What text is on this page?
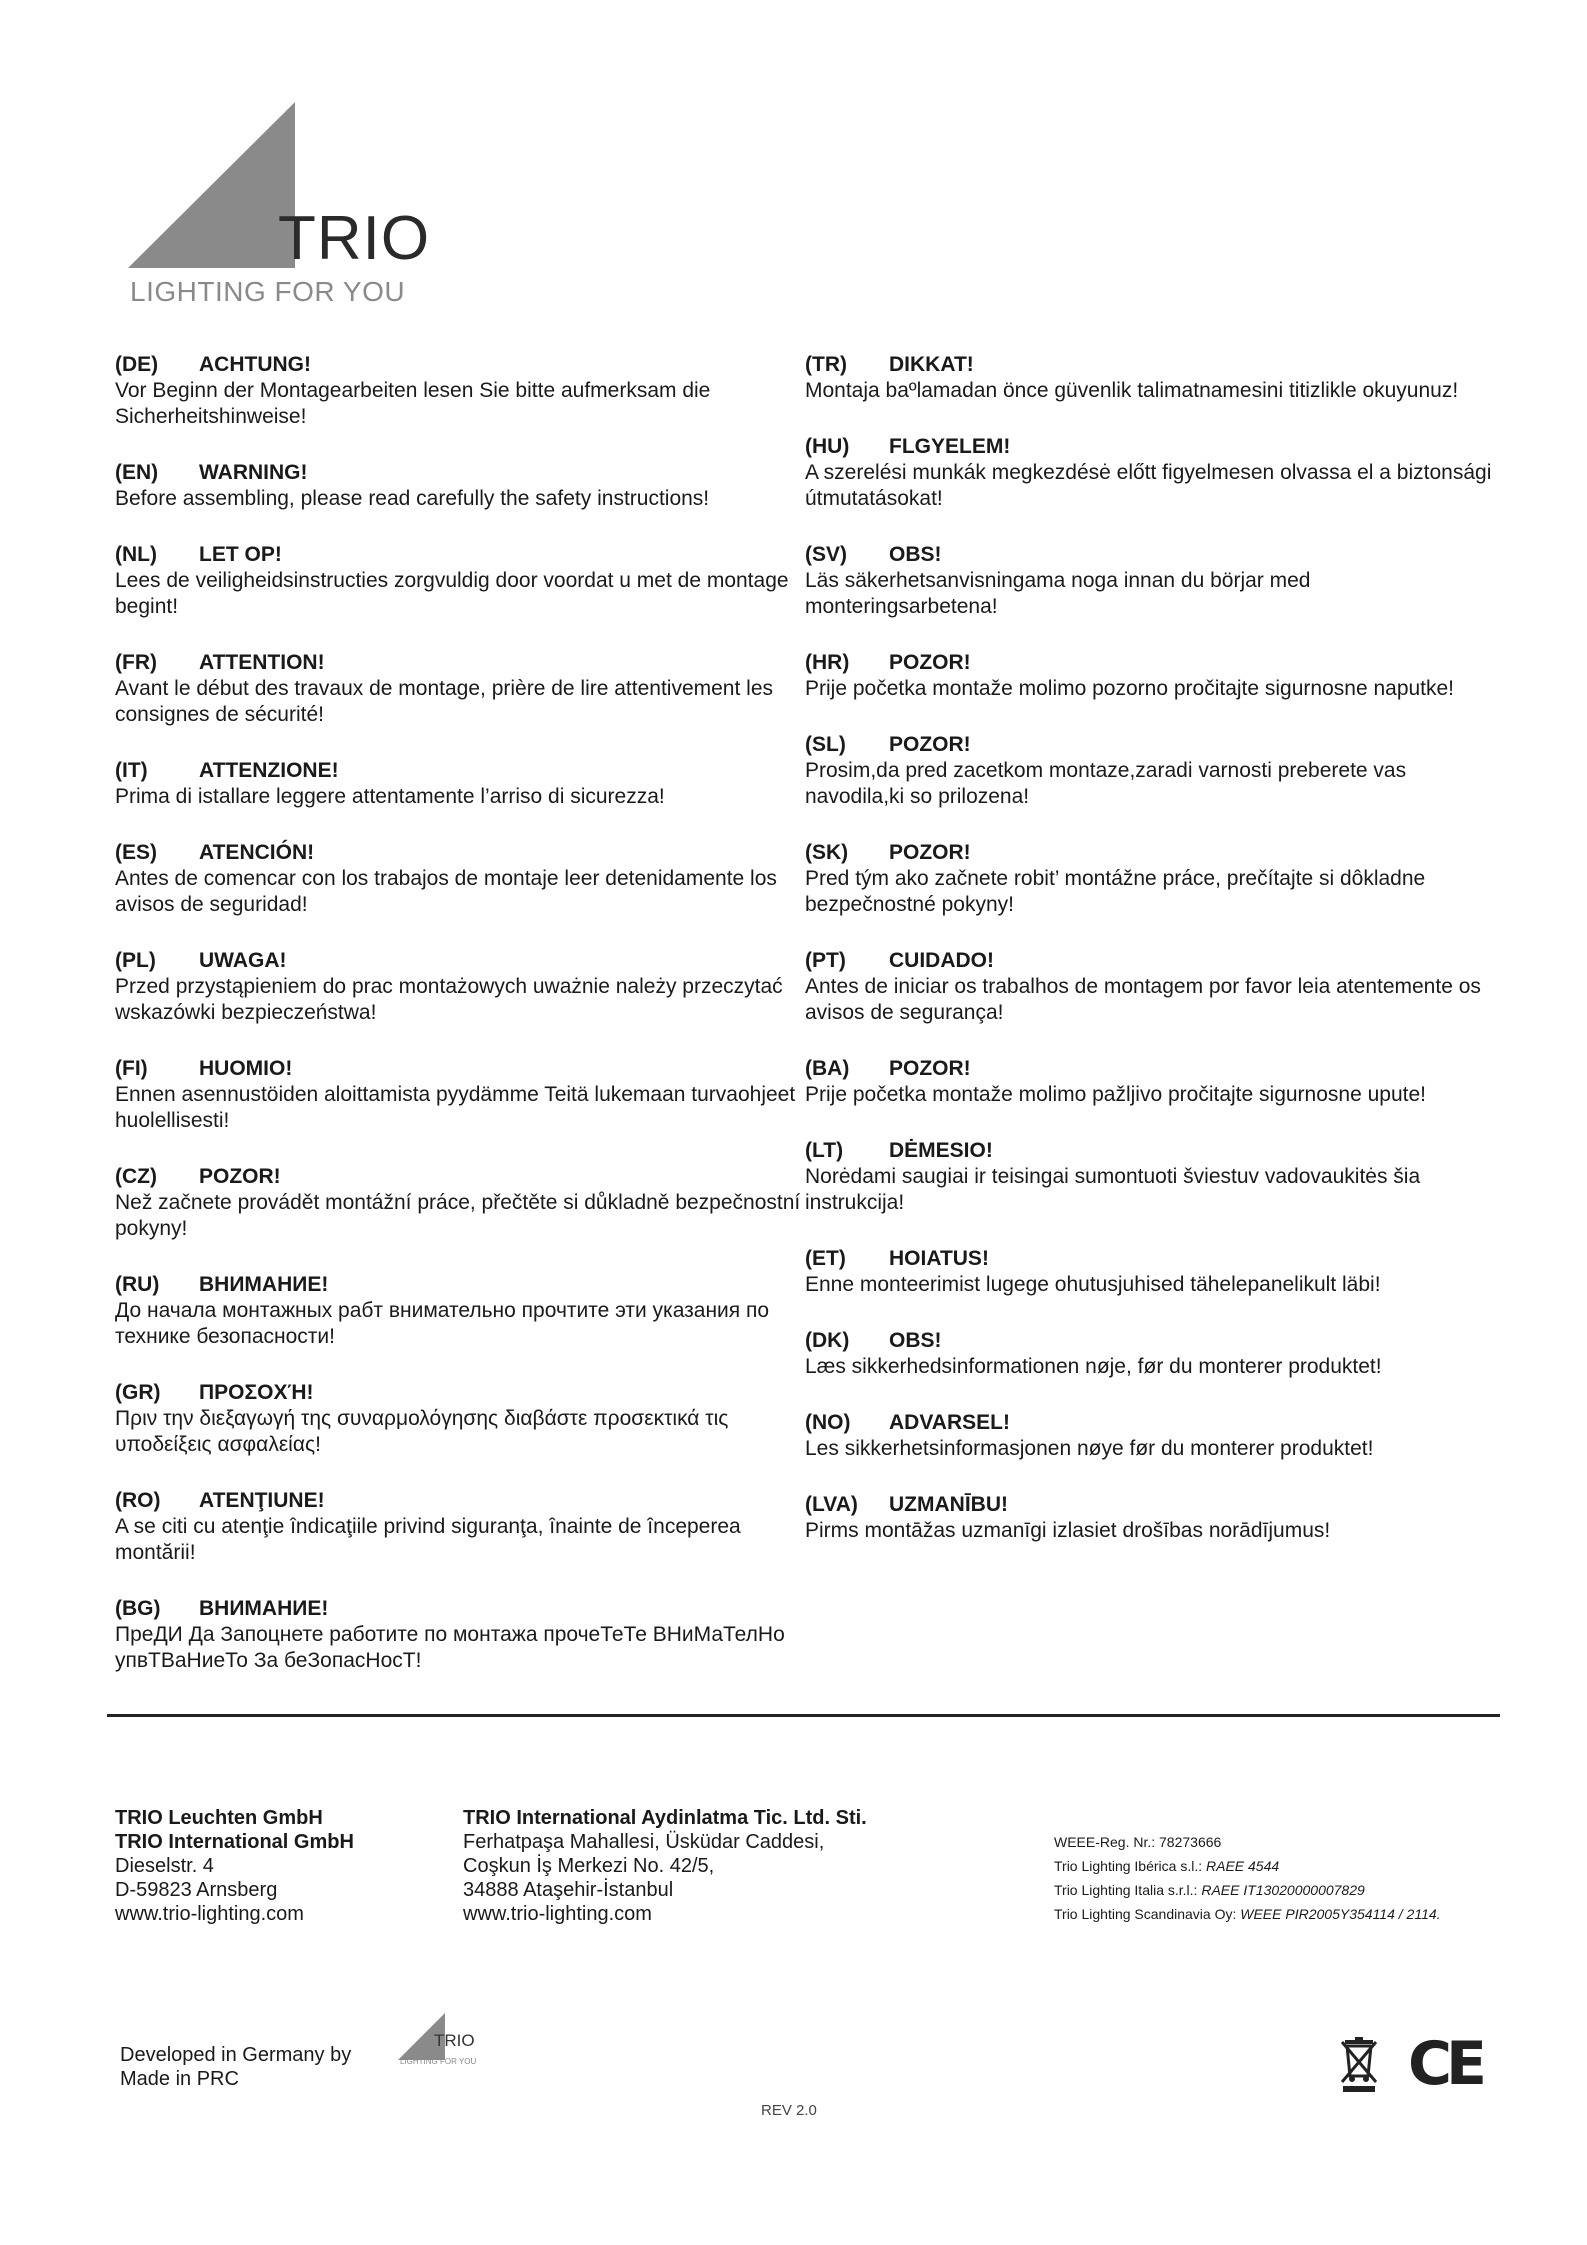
TRIO
LIGHTING FOR YOU
(DE) ACHTUNG!
Vor Beginn der Montagearbeiten lesen Sie bitte aufmerksam die Sicherheitshinweise!
(EN) WARNING!
Before assembling, please read carefully the safety instructions!
(NL) LET OP!
Lees de veiligheidsinstructies zorgvuldig door voordat u met de montage begint!
(FR) ATTENTION!
Avant le début des travaux de montage, prière de lire attentivement les consignes de sécurité!
(IT) ATTENZIONE!
Prima di istallare leggere attentamente l’arriso di sicurezza!
(ES) ATENCIÓN!
Antes de comencar con los trabajos de montaje leer detenidamente los avisos de seguridad!
(PL) UWAGA!
Przed przystąpieniem do prac montażowych uważnie należy przeczytać wskazówki bezpieczeństwa!
(FI) HUOMIO!
Ennen asennustöiden aloittamista pyydämme Teitä lukemaan turvaohjeet huolellisesti!
(CZ) POZOR!
Než začnete provádět montážní práce, přečtěte si důkladně bezpečnostní pokyny!
(RU) ВНИМАНИЕ!
До начала монтажных рабт внимательно прочтите эти указания по технике безопасности!
(GR) ΠΡΟΣΟΧΉ!
Πριν την διεξαγωγή της συναρμολόγησης διαβάστε προσεκτικά τις υποδείξεις ασφαλείας!
(RO) ATENŢIUNE!
A se citi cu atenţie îndicaţiile privind siguranţa, înainte de începerea montării!
(BG) ВНИМАНИЕ!
ПреДИ Да Запоцнете работите по монтажа прочеТеТе ВНиМаТелНо упвТВаНиеТо За беЗопасНосТ!
(TR) DIKKAT!
Montaja baºlamadan önce güvenlik talimatnamesini titizlikle okuyunuz!
(HU) FLGYELEM!
A szerelési munkák megkezdésė előtt figyelmesen olvassa el a biztonsági útmutatásokat!
(SV) OBS!
Läs säkerhetsanvisningama noga innan du börjar med monteringsarbetena!
(HR) POZOR!
Prije početka montaže molimo pozorno pročitajte sigurnosne naputke!
(SL) POZOR!
Prosim,da pred zacetkom montaze,zaradi varnosti preberete vas navodila,ki so prilozena!
(SK) POZOR!
Pred tým ako začnete robit’ montážne práce, prečítajte si dôkladne bezpečnostné pokyny!
(PT) CUIDADO!
Antes de iniciar os trabalhos de montagem por favor leia atentemente os avisos de segurança!
(BA) POZOR!
Prije početka montaže molimo pažljivo pročitajte sigurnosne upute!
(LT) DĖMESIO!
Norėdami saugiai ir teisingai sumontuoti šviestuv vadovaukitės šia instrukcija!
(ET) HOIATUS!
Enne monteerimist lugege ohutusjuhised tähelepanelikult läbi!
(DK) OBS!
Læs sikkerhedsinformationen nøje, før du monterer produktet!
(NO) ADVARSEL!
Les sikkerhetsinformasjonen nøye før du monterer produktet!
(LVA) UZMANĪBU!
Pirms montāžas uzmanīgi izlasiet drošības norādījumus!
TRIO Leuchten GmbH
TRIO International GmbH
Dieselstr. 4
D-59823 Arnsberg
www.trio-lighting.com
TRIO International Aydinlatma Tic. Ltd. Sti.
Ferhatpaşa Mahallesi, Üsküdar Caddesi,
Coşkun İş Merkezi No. 42/5,
34888 Ataşehir-İstanbul
www.trio-lighting.com
WEEE-Reg. Nr.: 78273666
Trio Lighting Ibérica s.l.: RAEE 4544
Trio Lighting Italia s.r.l.: RAEE IT13020000007829
Trio Lighting Scandinavia Oy: WEEE PIR2005Y354114 / 2114.
Developed in Germany by
Made in PRC
TRIO
LIGHTING FOR YOU
REV 2.0
CE
